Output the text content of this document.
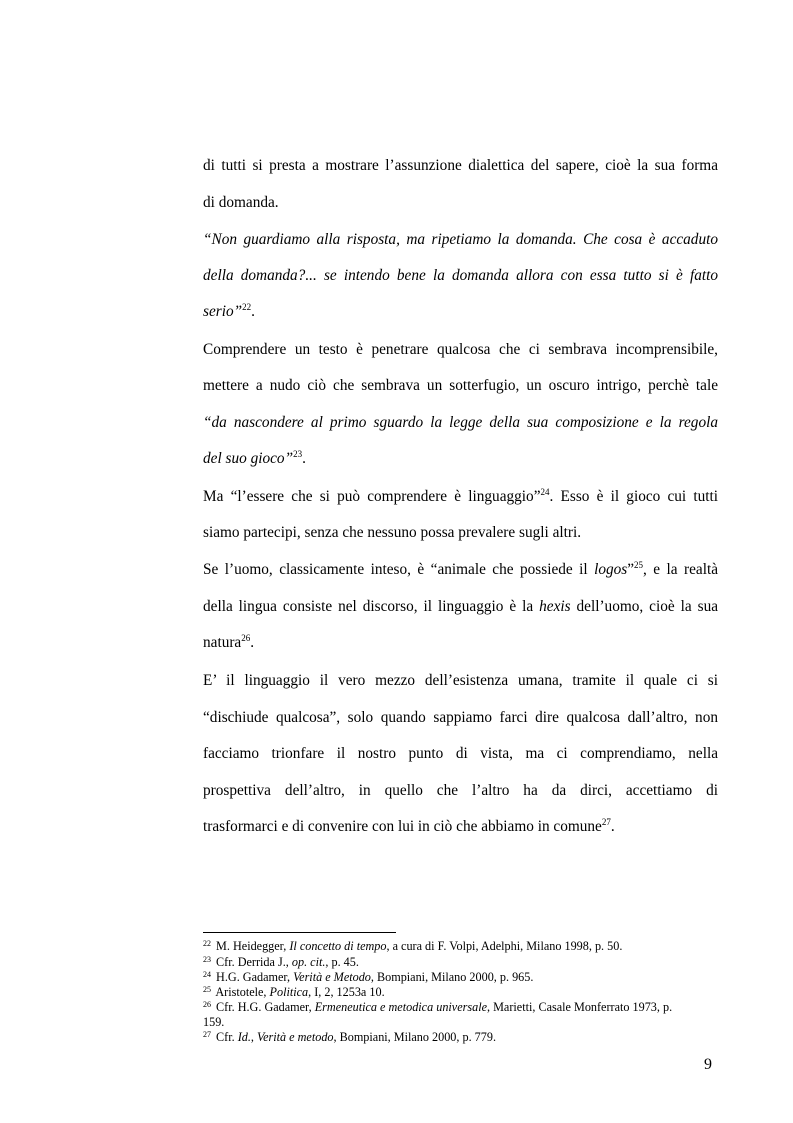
di tutti si presta a mostrare l’assunzione dialettica del sapere, cioè la sua forma
di domanda.
“Non guardiamo alla risposta, ma ripetiamo la domanda. Che cosa è accaduto
della domanda?... se intendo bene la domanda allora con essa tutto si è fatto
serio”$^{22}$.
Comprendere un testo è penetrare qualcosa che ci sembrava incomprensibile,
mettere a nudo ciò che sembrava un sotterfugio, un oscuro intrigo, perchè tale
“da nascondere al primo sguardo la legge della sua composizione e la regola
del suo gioco”$^{23}$.
Ma “l’essere che si può comprendere è linguaggio”$^{24}$. Esso è il gioco cui tutti
siamo partecipi, senza che nessuno possa prevalere sugli altri.
Se l’uomo, classicamente inteso, è “animale che possiede il logos”$^{25}$, e la realtà
della lingua consiste nel discorso, il linguaggio è la hexis dell’uomo, cioè la sua
natura$^{26}$.
E’ il linguaggio il vero mezzo dell’esistenza umana, tramite il quale ci si
“dischiude qualcosa”, solo quando sappiamo farci dire qualcosa dall’altro, non
facciamo trionfare il nostro punto di vista, ma ci comprendiamo, nella
prospettiva dell’altro, in quello che l’altro ha da dirci, accettiamo di
trasformarci e di convenire con lui in ciò che abbiamo in comune$^{27}$.
$^{22}$ M. Heidegger, Il concetto di tempo, a cura di F. Volpi, Adelphi, Milano 1998, p. 50.
$^{23}$ Cfr. Derrida J., op. cit., p. 45.
$^{24}$ H.G. Gadamer, Verità e Metodo, Bompiani, Milano 2000, p. 965.
$^{25}$ Aristotele, Politica, I, 2, 1253a 10.
$^{26}$ Cfr. H.G. Gadamer, Ermeneutica e metodica universale, Marietti, Casale Monferrato 1973, p.
159.
$^{27}$ Cfr. Id., Verità e metodo, Bompiani, Milano 2000, p. 779.
9
